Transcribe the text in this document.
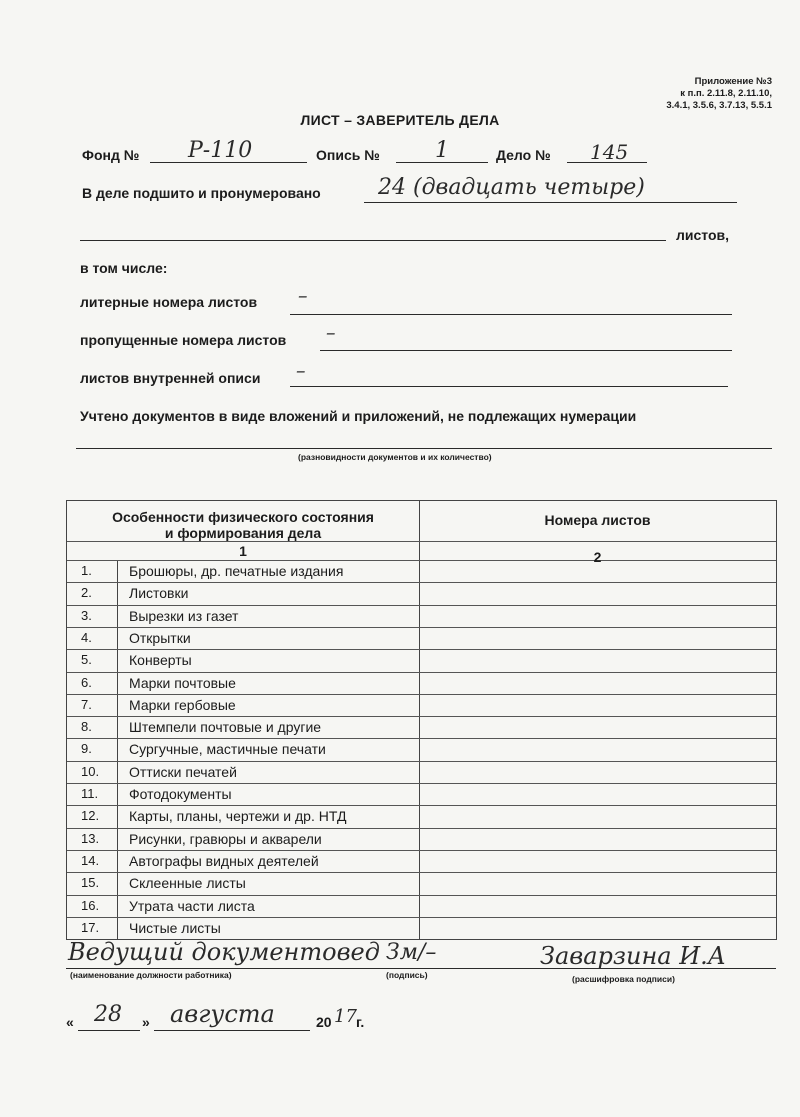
Приложение №3
к п.п. 2.11.8, 2.11.10,
3.4.1, 3.5.6, 3.7.13, 5.5.1
ЛИСТ – ЗАВЕРИТЕЛЬ ДЕЛА
Фонд № Р-110	Опись №	1	Дело № 145
В деле подшито и пронумеровано	24 (двадцать четыре)
листов,
в том числе:
литерные номера листов –
пропущенные номера листов –
листов внутренней описи –
Учтено документов в виде вложений и приложений, не подлежащих нумерации
(разновидности документов и их количество)
Особенности физического состояния
и формирования дела
Номера листов
1	2
1.	Брошюры, др. печатные издания
2.	Листовки
3.	Вырезки из газет
4.	Открытки
5.	Конверты
6.	Марки почтовые
7.	Марки гербовые
8.	Штемпели почтовые и другие
9.	Сургучные, мастичные печати
10. Оттиски печатей
11. Фотодокументы
12. Карты, планы, чертежи и др. НТД
13. Рисунки, гравюры и акварели
14. Автографы видных деятелей
15. Склеенные листы
16. Утрата части листа
17. Чистые листы
Ведущий документовед
(наименование должности работника)
Зм/–
(подпись)
Заварзина И.А
(расшифровка подписи)
« 28 » августа	20 17 г.
